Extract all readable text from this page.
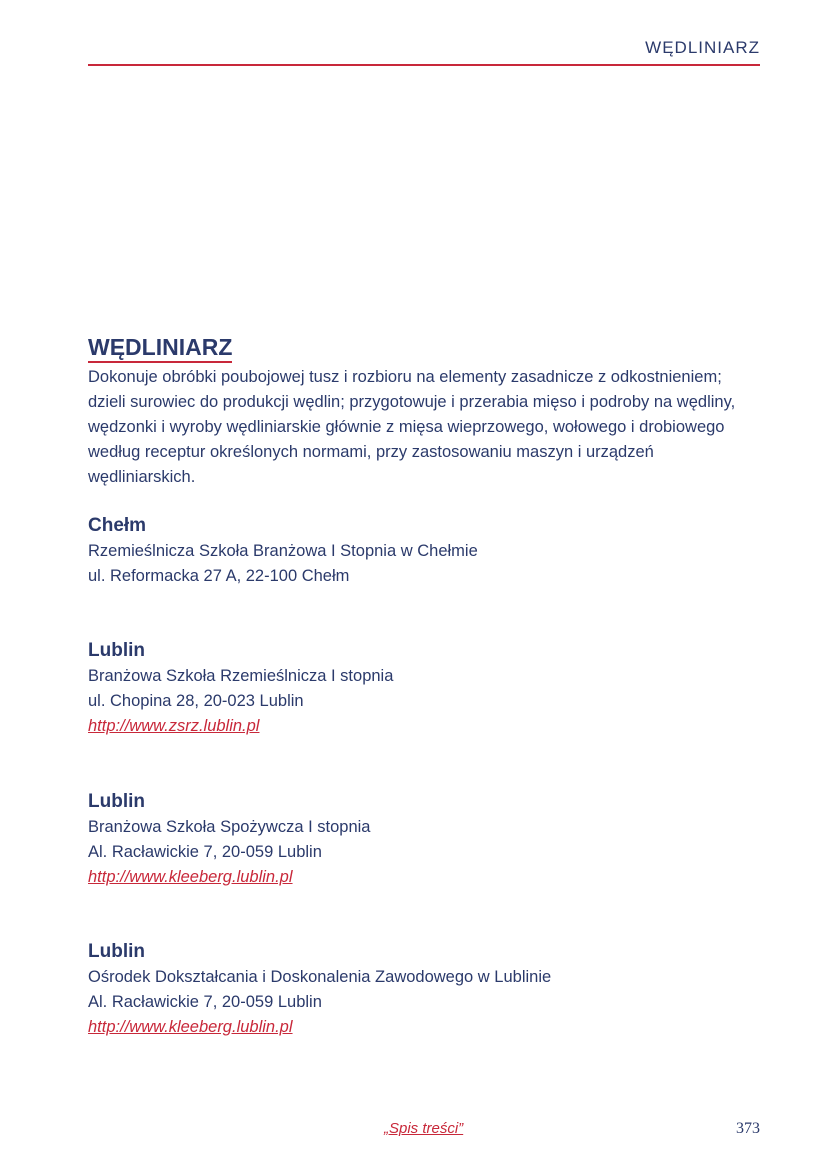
WĘDLINIARZ
WĘDLINIARZ

Dokonuje obróbki poubojowej tusz i rozbioru na elementy zasadnicze z odkostnieniem; dzieli surowiec do produkcji wędlin; przygotowuje i przerabia mięso i podroby na wędliny, wędzonki i wyroby wędliniarskie głównie z mięsa wieprzowego, wołowego i drobiowego według receptur określonych normami, przy zastosowaniu maszyn i urządzeń wędliniarskich.

Chełm
Rzemieślnicza Szkoła Branżowa I Stopnia w Chełmie
ul. Reformacka 27 A, 22-100 Chełm
Lublin
Branżowa Szkoła Rzemieślnicza I stopnia
ul. Chopina 28, 20-023 Lublin
http://www.zsrz.lublin.pl
Lublin
Branżowa Szkoła Spożywcza I stopnia
Al. Racławickie 7, 20-059 Lublin
http://www.kleeberg.lublin.pl
Lublin
Ośrodek Dokształcania i Doskonalenia Zawodowego w Lublinie
Al. Racławickie 7, 20-059 Lublin
http://www.kleeberg.lublin.pl
„Spis treści”	373
